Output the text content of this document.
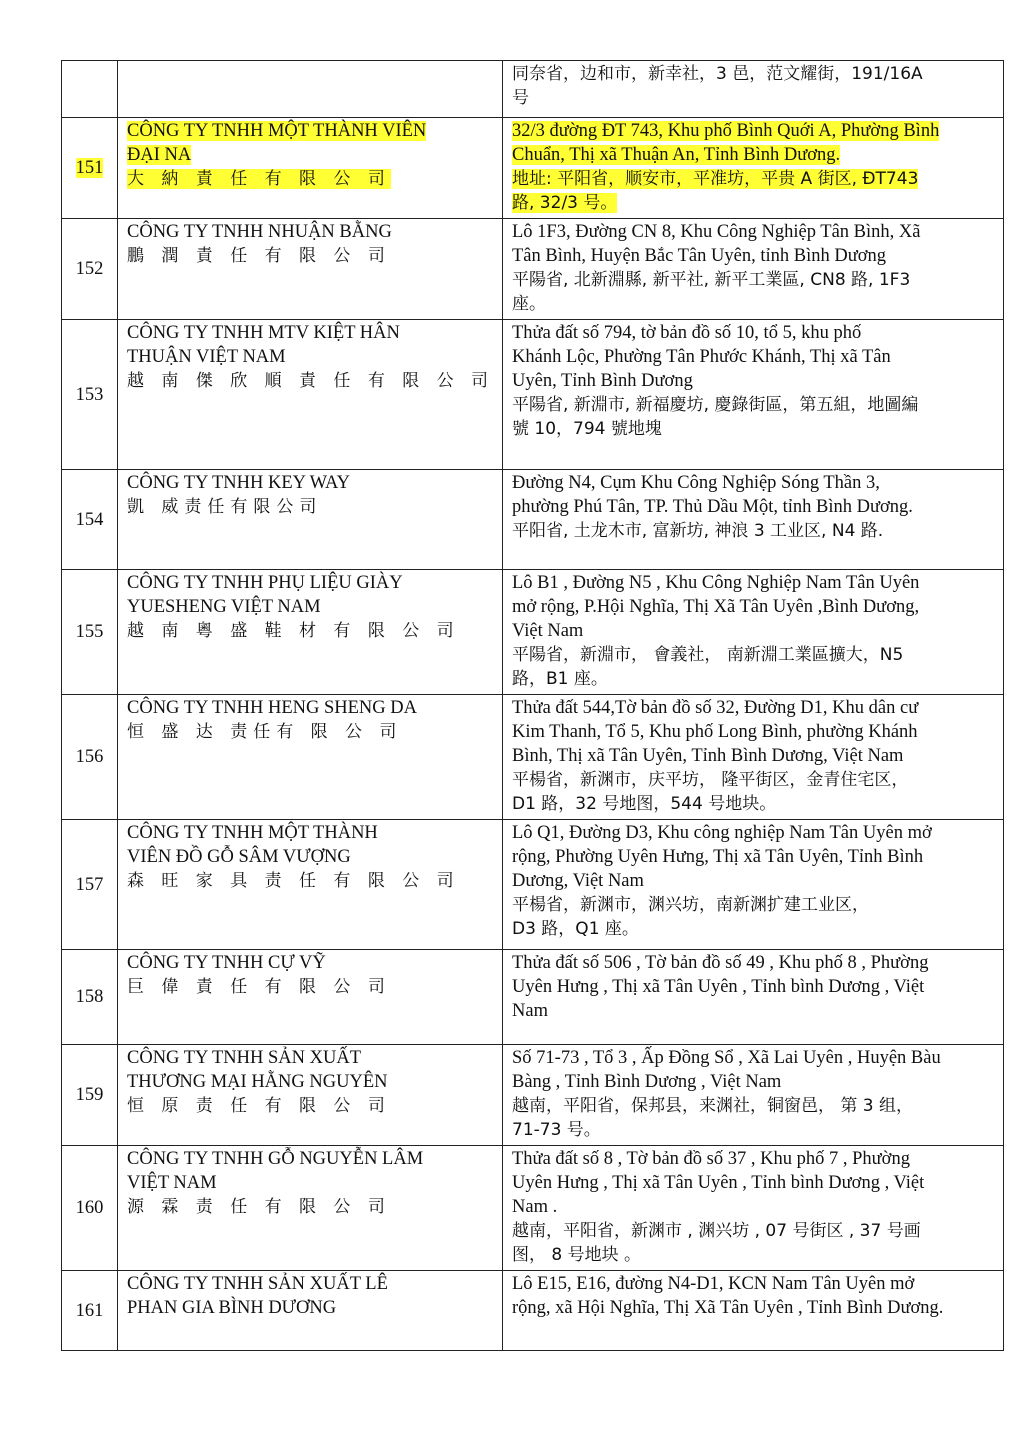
		同奈省，边和市，新幸社，3 邑，范文耀街，191/16A
号

151	CÔNG TY TNHH MỘT THÀNH VIÊN
ĐẠI NA
大 納 責 任 有 限 公 司	32/3 đường ĐT 743, Khu phố Bình Quới A, Phường Bình
Chuẩn, Thị xã Thuận An, Tỉnh Bình Dương.
地址: 平阳省，顺安市，平准坊，平贵 A 街区, ĐT743
路, 32/3 号。

152	CÔNG TY TNHH NHUẬN BẰNG
鵬 潤 責 任 有 限 公 司	Lô 1F3, Đường CN 8, Khu Công Nghiệp Tân Bình, Xã
Tân Bình, Huyện Bắc Tân Uyên, tỉnh Bình Dương
平陽省, 北新淵縣, 新平社, 新平工業區, CN8 路, 1F3
座。

153	CÔNG TY TNHH MTV KIỆT HÂN
THUẬN VIỆT NAM
越 南 傑 欣 順 責 任 有 限 公 司	Thửa đất số 794, tờ bản đồ số 10, tổ 5, khu phố
Khánh Lộc, Phường Tân Phước Khánh, Thị xã Tân
Uyên, Tỉnh Bình Dương
平陽省, 新淵市, 新福慶坊, 慶錄街區，第五組，地圖編
號 10，794 號地塊

154	CÔNG TY TNHH KEY WAY
凱 威责任有限公司	Đường N4, Cụm Khu Công Nghiệp Sóng Thần 3,
phường Phú Tân, TP. Thủ Dầu Một, tỉnh Bình Dương.
平阳省, 土龙木市, 富新坊, 神浪 3 工业区, N4 路.

155	CÔNG TY TNHH PHỤ LIỆU GIÀY
YUESHENG VIỆT NAM
越 南 粵 盛 鞋 材 有 限 公 司	Lô B1 , Đường N5 , Khu Công Nghiệp Nam Tân Uyên
mở rộng, P.Hội Nghĩa, Thị Xã Tân Uyên ,Bình Dương,
Việt Nam
平陽省，新淵市， 會義社， 南新淵工業區擴大，N5
路，B1 座。

156	CÔNG TY TNHH HENG SHENG DA
恒 盛 达 责任有 限 公 司	Thửa đất 544,Tờ bản đồ số 32, Đường D1, Khu dân cư
Kim Thanh, Tổ 5, Khu phố Long Bình, phường Khánh
Bình, Thị xã Tân Uyên, Tỉnh Bình Dương, Việt Nam
平楊省，新渊市，庆平坊， 隆平街区，金青住宅区，
D1 路，32 号地图，544 号地块。

157	CÔNG TY TNHH MỘT THÀNH
VIÊN ĐỒ GỖ SÂM VƯỢNG
森 旺 家 具 责 任 有 限 公 司	Lô Q1, Đường D3, Khu công nghiệp Nam Tân Uyên mở
rộng, Phường Uyên Hưng, Thị xã Tân Uyên, Tỉnh Bình
Dương, Việt Nam
平楊省，新渊市，渊兴坊，南新渊扩建工业区，
D3 路，Q1 座。

158	CÔNG TY TNHH CỰ VỸ
巨 偉 責 任 有 限 公 司	Thửa đất số 506 , Tờ bản đồ số 49 , Khu phố 8 , Phường
Uyên Hưng , Thị xã Tân Uyên , Tỉnh bình Dương , Việt
Nam

159	CÔNG TY TNHH SẢN XUẤT
THƯƠNG MẠI HẰNG NGUYÊN
恒 原 责 任 有 限 公 司	Số 71-73 , Tổ 3 , Ấp Đồng Sổ , Xã Lai Uyên , Huyện Bàu
Bàng , Tỉnh Bình Dương , Việt Nam
越南，平阳省，保邦县，来渊社，铜窗邑， 第 3 组，
71-73 号。

160	CÔNG TY TNHH GỖ NGUYỄN LÂM
VIỆT NAM
源 霖 责 任 有 限 公 司	Thửa đất số 8 , Tờ bản đồ số 37 , Khu phố 7 , Phường
Uyên Hưng , Thị xã Tân Uyên , Tỉnh bình Dương , Việt
Nam .
越南，平阳省，新渊市 , 渊兴坊 , 07 号街区 , 37 号画
图， 8 号地块 。

161	CÔNG TY TNHH SẢN XUẤT LÊ
PHAN GIA BÌNH DƯƠNG	Lô E15, E16, đường N4-D1, KCN Nam Tân Uyên mở
rộng, xã Hội Nghĩa, Thị Xã Tân Uyên , Tỉnh Bình Dương.
